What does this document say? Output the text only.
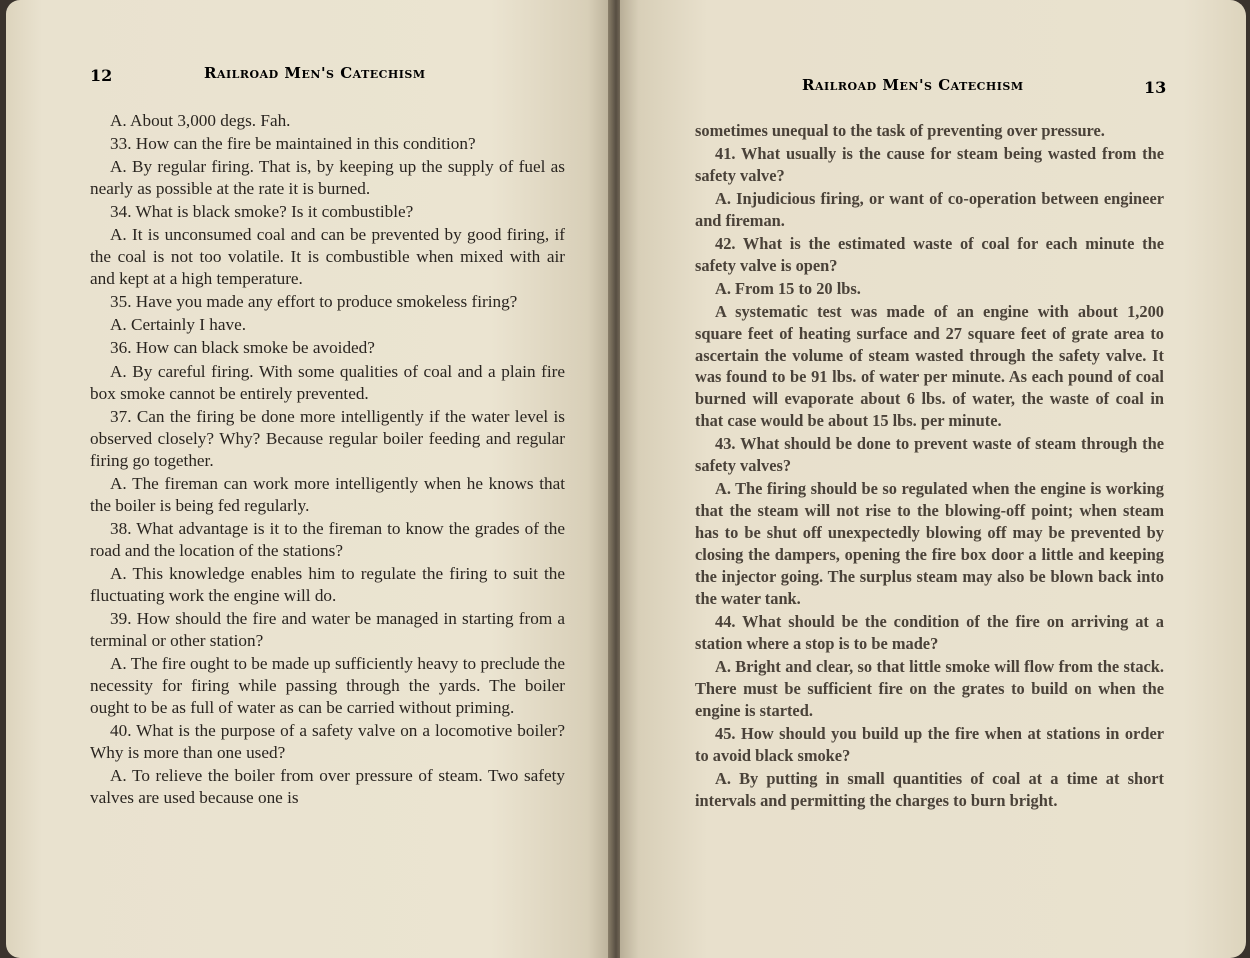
12	Railroad Men's Catechism

A. About 3,000 degs. Fah.

33. How can the fire be maintained in this condition?

A. By regular firing. That is, by keeping up the supply of fuel as nearly as possible at the rate it is burned.

34. What is black smoke? Is it combustible?

A. It is unconsumed coal and can be prevented by good firing, if the coal is not too volatile. It is combustible when mixed with air and kept at a high temperature.

35. Have you made any effort to produce smokeless firing?

A. Certainly I have.

36. How can black smoke be avoided?

A. By careful firing. With some qualities of coal and a plain fire box smoke cannot be entirely prevented.

37. Can the firing be done more intelligently if the water level is observed closely? Why? Because regular boiler feeding and regular firing go together.

A. The fireman can work more intelligently when he knows that the boiler is being fed regularly.

38. What advantage is it to the fireman to know the grades of the road and the location of the stations?

A. This knowledge enables him to regulate the firing to suit the fluctuating work the engine will do.

39. How should the fire and water be managed in starting from a terminal or other station?

A. The fire ought to be made up sufficiently heavy to preclude the necessity for firing while passing through the yards. The boiler ought to be as full of water as can be carried without priming.

40. What is the purpose of a safety valve on a locomotive boiler? Why is more than one used?

A. To relieve the boiler from over pressure of steam. Two safety valves are used because one is

Railroad Men's Catechism	13

sometimes unequal to the task of preventing over pressure.

41. What usually is the cause for steam being wasted from the safety valve?

A. Injudicious firing, or want of co-operation between engineer and fireman.

42. What is the estimated waste of coal for each minute the safety valve is open?

A. From 15 to 20 lbs.

A systematic test was made of an engine with about 1,200 square feet of heating surface and 27 square feet of grate area to ascertain the volume of steam wasted through the safety valve. It was found to be 91 lbs. of water per minute. As each pound of coal burned will evaporate about 6 lbs. of water, the waste of coal in that case would be about 15 lbs. per minute.

43. What should be done to prevent waste of steam through the safety valves?

A. The firing should be so regulated when the engine is working that the steam will not rise to the blowing-off point; when steam has to be shut off unexpectedly blowing off may be prevented by closing the dampers, opening the fire box door a little and keeping the injector going. The surplus steam may also be blown back into the water tank.

44. What should be the condition of the fire on arriving at a station where a stop is to be made?

A. Bright and clear, so that little smoke will flow from the stack. There must be sufficient fire on the grates to build on when the engine is started.

45. How should you build up the fire when at stations in order to avoid black smoke?

A. By putting in small quantities of coal at a time at short intervals and permitting the charges to burn bright.
